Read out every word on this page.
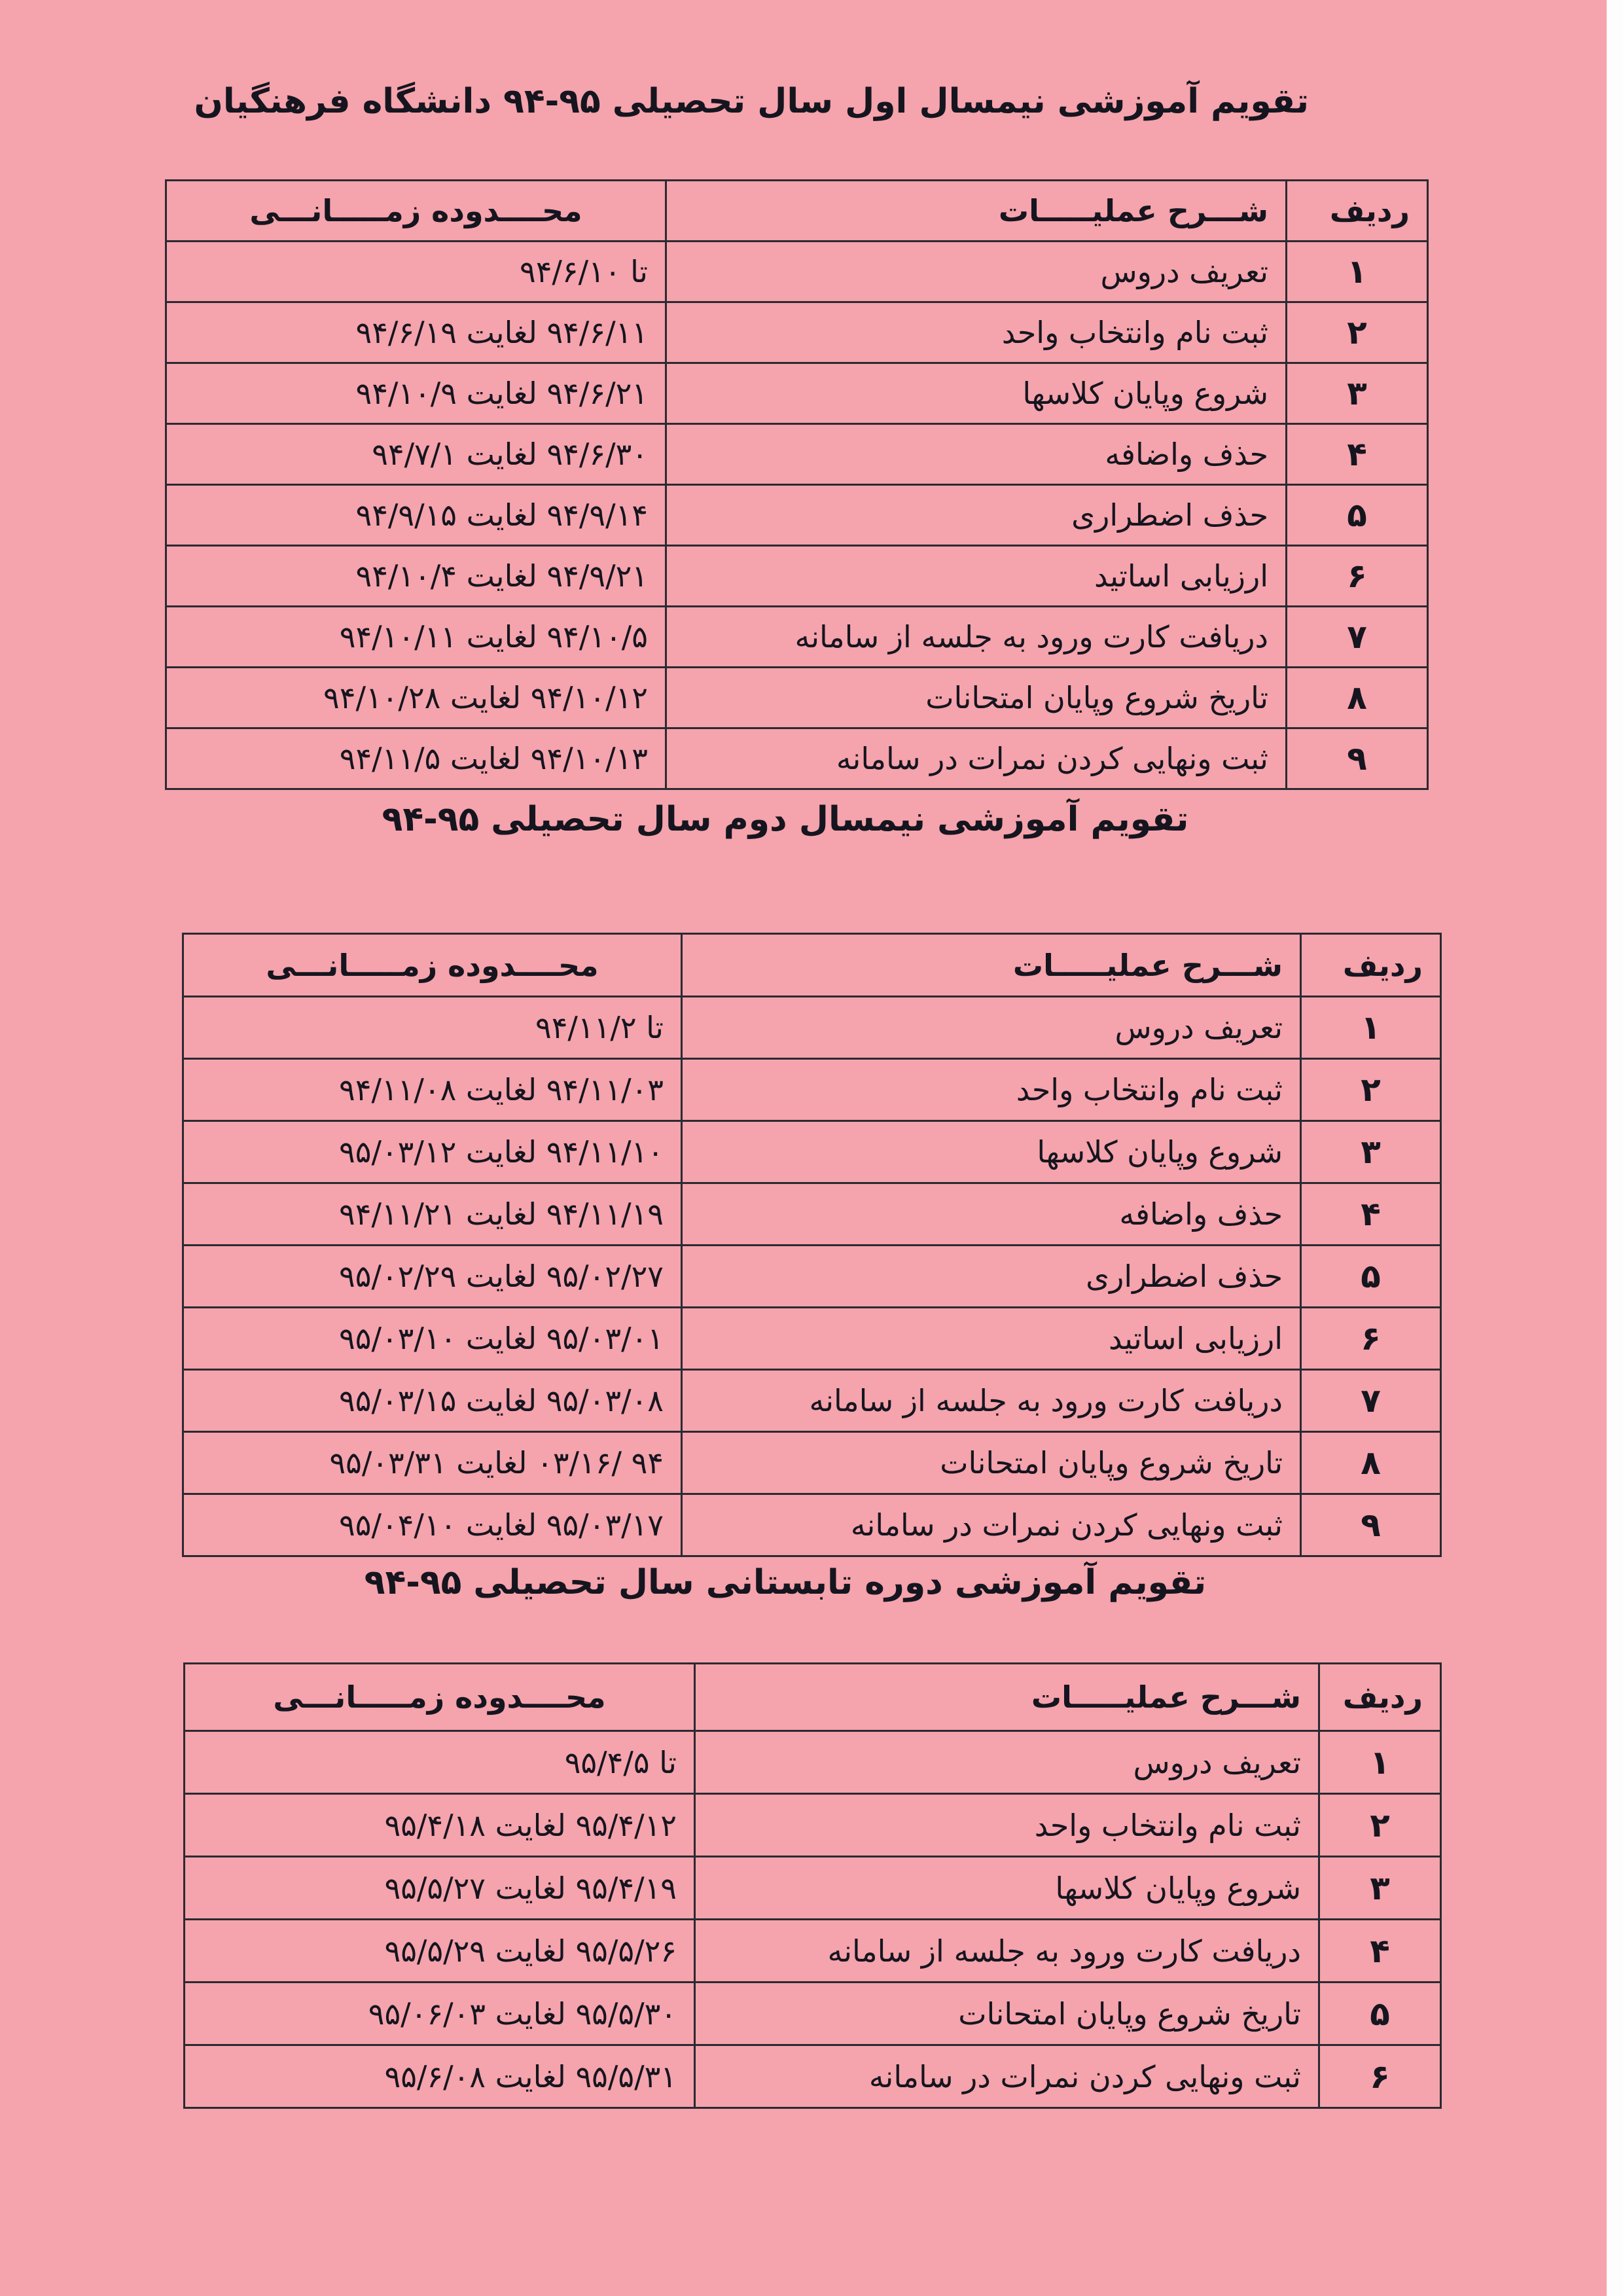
تقویم آموزشی نیمسال اول سال تحصیلی ۹۵-۹۴ دانشگاه فرهنگیان
ردیف	شـــرح عملیـــــات	محــــدوده زمـــــانـــی
۱	تعریف دروس	تا ۹۴/۶/۱۰
۲	ثبت نام وانتخاب واحد	۹۴/۶/۱۱ لغایت ۹۴/۶/۱۹
۳	شروع وپایان کلاسها	۹۴/۶/۲۱ لغایت ۹۴/۱۰/۹
۴	حذف واضافه	۹۴/۶/۳۰ لغایت ۹۴/۷/۱
۵	حذف اضطراری	۹۴/۹/۱۴ لغایت ۹۴/۹/۱۵
۶	ارزیابی اساتید	۹۴/۹/۲۱ لغایت ۹۴/۱۰/۴
۷	دریافت کارت ورود به جلسه از سامانه	۹۴/۱۰/۵ لغایت ۹۴/۱۰/۱۱
۸	تاریخ شروع وپایان امتحانات	۹۴/۱۰/۱۲ لغایت ۹۴/۱۰/۲۸
۹	ثبت ونهایی کردن نمرات در سامانه	۹۴/۱۰/۱۳ لغایت ۹۴/۱۱/۵
تقویم آموزشی نیمسال دوم سال تحصیلی ۹۵-۹۴
ردیف	شـــرح عملیـــــات	محــــدوده زمـــــانـــی
۱	تعریف دروس	تا ۹۴/۱۱/۲
۲	ثبت نام وانتخاب واحد	۹۴/۱۱/۰۳ لغایت ۹۴/۱۱/۰۸
۳	شروع وپایان کلاسها	۹۴/۱۱/۱۰ لغایت ۹۵/۰۳/۱۲
۴	حذف واضافه	۹۴/۱۱/۱۹ لغایت ۹۴/۱۱/۲۱
۵	حذف اضطراری	۹۵/۰۲/۲۷ لغایت ۹۵/۰۲/۲۹
۶	ارزیابی اساتید	۹۵/۰۳/۰۱ لغایت ۹۵/۰۳/۱۰
۷	دریافت کارت ورود به جلسه از سامانه	۹۵/۰۳/۰۸ لغایت ۹۵/۰۳/۱۵
۸	تاریخ شروع وپایان امتحانات	۹۴ /۰۳/۱۶ لغایت ۹۵/۰۳/۳۱
۹	ثبت ونهایی کردن نمرات در سامانه	۹۵/۰۳/۱۷ لغایت ۹۵/۰۴/۱۰
تقویم آموزشی دوره تابستانی سال تحصیلی ۹۵-۹۴
ردیف	شـــرح عملیـــــات	محــــدوده زمـــــانـــی
۱	تعریف دروس	تا ۹۵/۴/۵
۲	ثبت نام وانتخاب واحد	۹۵/۴/۱۲ لغایت ۹۵/۴/۱۸
۳	شروع وپایان کلاسها	۹۵/۴/۱۹ لغایت ۹۵/۵/۲۷
۴	دریافت کارت ورود به جلسه از سامانه	۹۵/۵/۲۶ لغایت ۹۵/۵/۲۹
۵	تاریخ شروع وپایان امتحانات	۹۵/۵/۳۰ لغایت ۹۵/۰۶/۰۳
۶	ثبت ونهایی کردن نمرات در سامانه	۹۵/۵/۳۱ لغایت ۹۵/۶/۰۸
